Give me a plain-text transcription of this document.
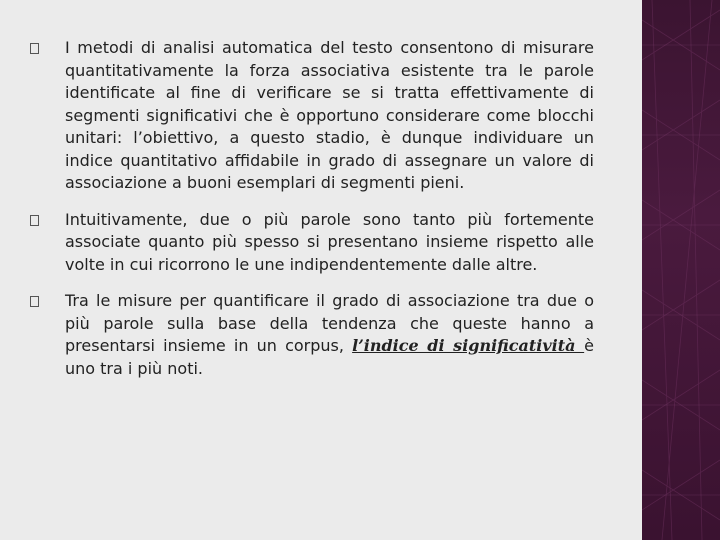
I metodi di analisi automatica del testo consentono di misurare quantitativamente la forza associativa esistente tra le parole identificate al fine di verificare se si tratta effettivamente di segmenti significativi che è opportuno considerare come blocchi unitari: l’obiettivo, a questo stadio, è dunque individuare un indice quantitativo affidabile in grado di assegnare un valore di associazione a buoni esemplari di segmenti pieni.
Intuitivamente, due o più parole sono tanto più fortemente associate quanto più spesso si presentano insieme rispetto alle volte in cui ricorrono le une indipendentemente dalle altre.
Tra le misure per quantificare il grado di associazione tra due o più parole sulla base della tendenza che queste hanno a presentarsi insieme in un corpus, l’indice di significatività è uno tra i più noti.
